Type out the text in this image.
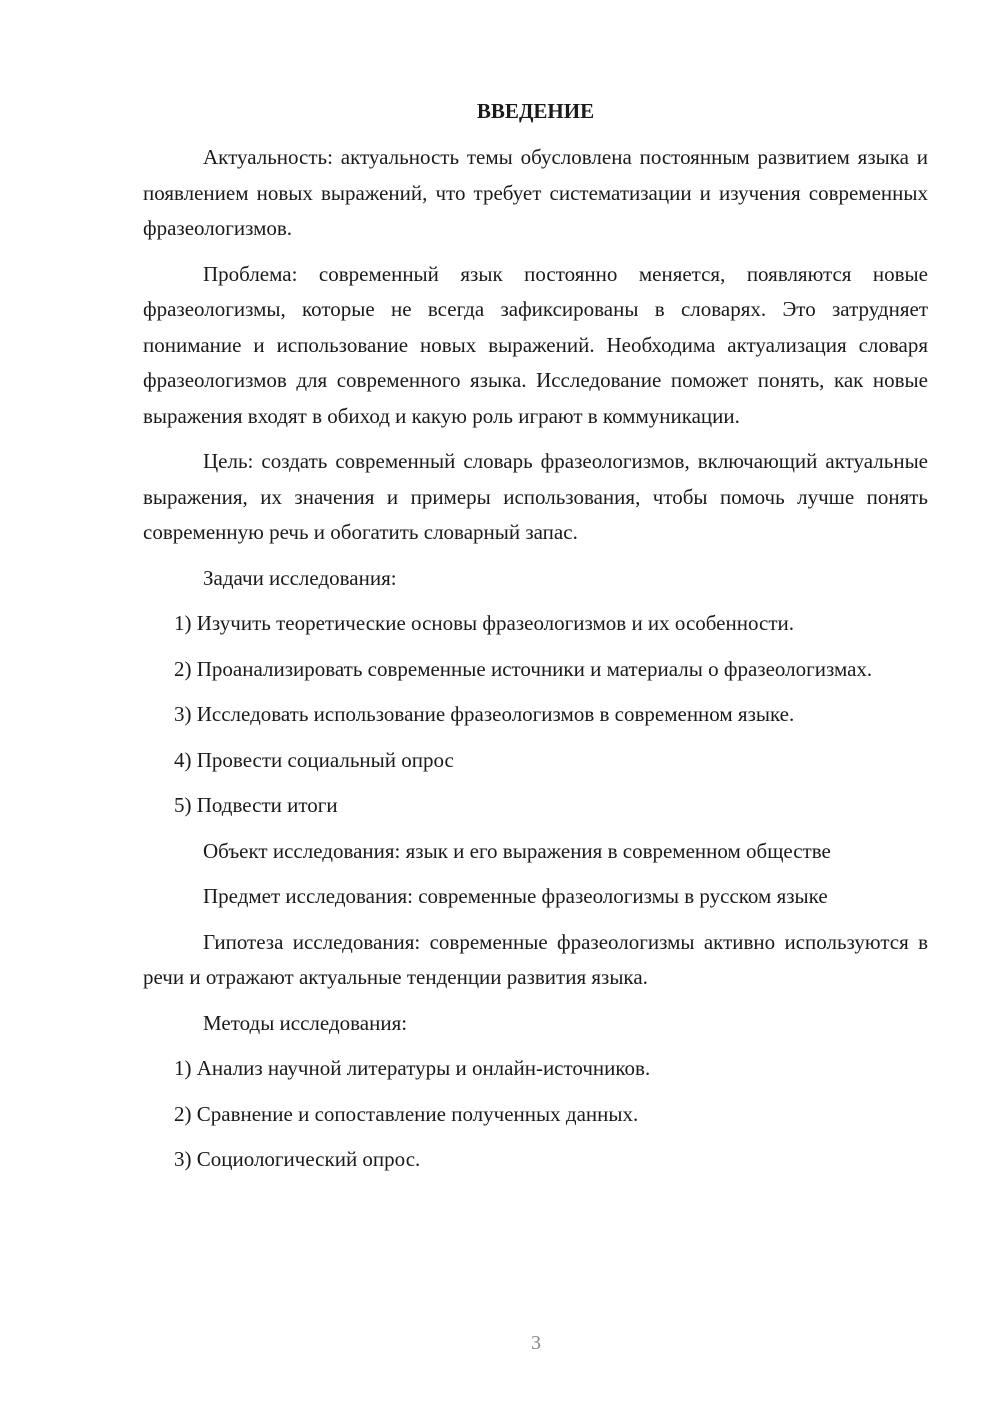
ВВЕДЕНИЕ

Актуальность: актуальность темы обусловлена постоянным развитием языка и появлением новых выражений, что требует систематизации и изучения современных фразеологизмов.

Проблема: современный язык постоянно меняется, появляются новые фразеологизмы, которые не всегда зафиксированы в словарях. Это затрудняет понимание и использование новых выражений. Необходима актуализация словаря фразеологизмов для современного языка. Исследование поможет понять, как новые выражения входят в обиход и какую роль играют в коммуникации.

Цель: создать современный словарь фразеологизмов, включающий актуальные выражения, их значения и примеры использования, чтобы помочь лучше понять современную речь и обогатить словарный запас.

Задачи исследования:

1) Изучить теоретические основы фразеологизмов и их особенности.

2) Проанализировать современные источники и материалы о фразеологизмах.

3) Исследовать использование фразеологизмов в современном языке.

4) Провести социальный опрос

5) Подвести итоги

Объект исследования: язык и его выражения в современном обществе

Предмет исследования: современные фразеологизмы в русском языке

Гипотеза исследования: современные фразеологизмы активно используются в речи и отражают актуальные тенденции развития языка.

Методы исследования:

1) Анализ научной литературы и онлайн-источников.

2) Сравнение и сопоставление полученных данных.

3) Социологический опрос.

3
